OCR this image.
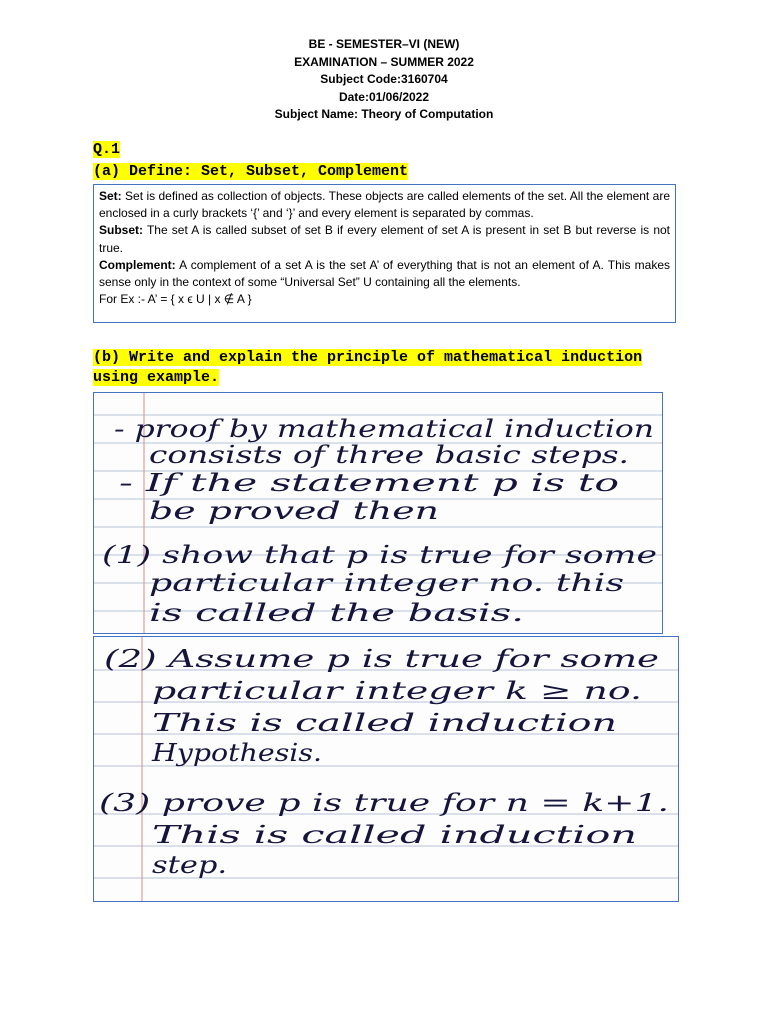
BE - SEMESTER–VI (NEW)
EXAMINATION – SUMMER 2022
Subject Code:3160704
Date:01/06/2022
Subject Name: Theory of Computation
Q.1
(a) Define: Set, Subset, Complement

Set: Set is defined as collection of objects. These objects are called elements of the set. All the element are enclosed in a curly brackets ‘{’ and ‘}’ and every element is separated by commas.

Subset: The set A is called subset of set B if every element of set A is present in set B but reverse is not true.

Complement: A complement of a set A is the set A’ of everything that is not an element of A. This makes sense only in the context of some “Universal Set” U containing all the elements.

For Ex :- A’ = { x ϵ U | x ∉ A }

(b) Write and explain the principle of mathematical induction using example.
- proof by mathematical induction
consists of three basic steps.
- If the statement p is to
be proved then
(1) show that p is true for some
particular integer no. this
is called the basis.
(2) Assume p is true for some
particular integer k ≥ no.
This is called induction
Hypothesis.
(3) prove p is true for n = k+1.
This is called induction
step.
